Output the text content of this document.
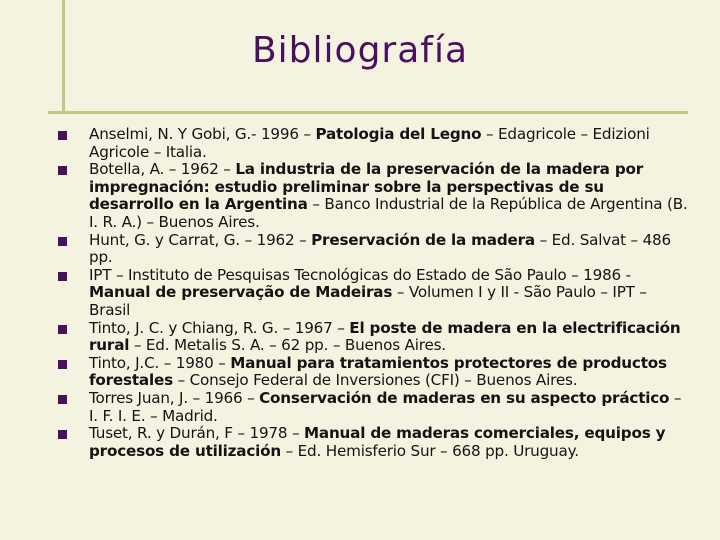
Bibliografía
Anselmi, N. Y Gobi, G.- 1996 – Patologia del Legno – Edagricole – Edizioni Agricole – Italia.
Botella, A. – 1962 – La industria de la preservación de la madera por impregnación: estudio preliminar sobre la perspectivas de su desarrollo en la Argentina – Banco Industrial de la República de Argentina (B. I. R. A.) – Buenos Aires.
Hunt, G. y Carrat, G. – 1962 – Preservación de la madera – Ed. Salvat – 486 pp.
IPT – Instituto de Pesquisas Tecnológicas do Estado de São Paulo – 1986 - Manual de preservação de Madeiras – Volumen I y II - São Paulo – IPT – Brasil
Tinto, J. C. y Chiang, R. G. – 1967 – El poste de madera en la electrificación rural – Ed. Metalis S. A. – 62 pp. – Buenos Aires.
Tinto, J.C. – 1980 – Manual para tratamientos protectores de productos forestales – Consejo Federal de Inversiones (CFI) – Buenos Aires.
Torres Juan, J. – 1966 – Conservación de maderas en su aspecto práctico – I. F. I. E. – Madrid.
Tuset, R. y Durán, F – 1978 – Manual de maderas comerciales, equipos y procesos de utilización – Ed. Hemisferio Sur – 668 pp. Uruguay.
